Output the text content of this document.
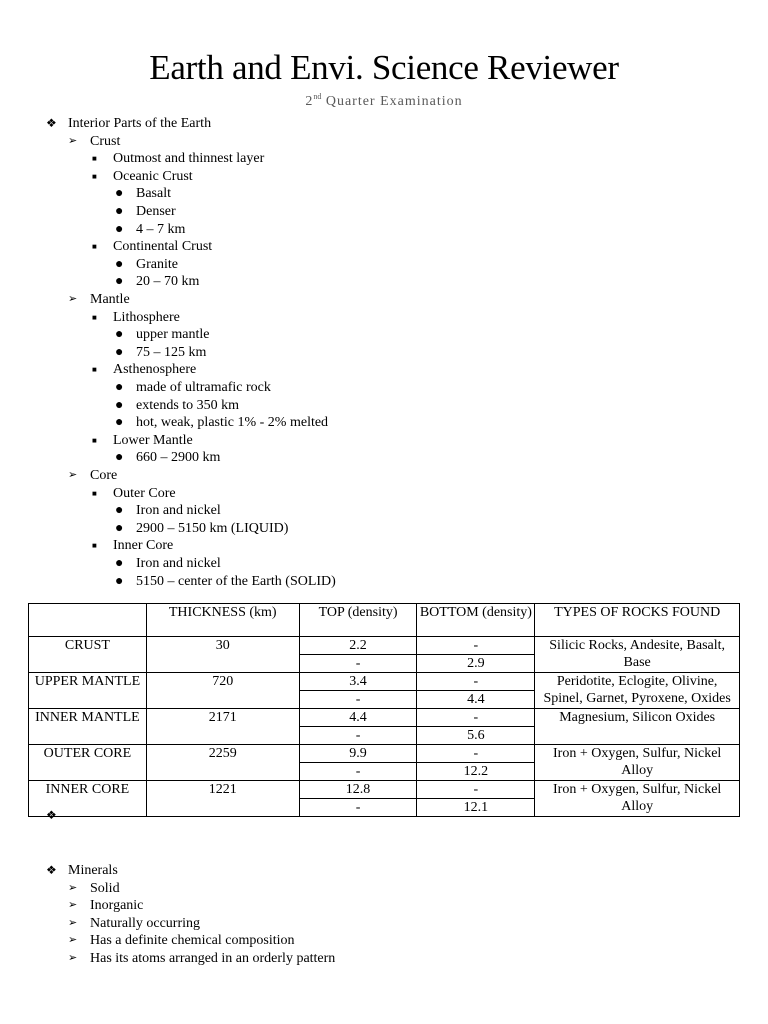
Earth and Envi. Science Reviewer
2nd Quarter Examination
❖ Interior Parts of the Earth
➢ Crust
■ Outmost and thinnest layer
■ Oceanic Crust
● Basalt
● Denser
● 4 – 7 km
■ Continental Crust
● Granite
● 20 – 70 km
➢ Mantle
■ Lithosphere
● upper mantle
● 75 – 125 km
■ Asthenosphere
● made of ultramafic rock
● extends to 350 km
● hot, weak, plastic 1% - 2% melted
■ Lower Mantle
● 660 – 2900 km
➢ Core
■ Outer Core
● Iron and nickel
● 2900 – 5150 km (LIQUID)
■ Inner Core
● Iron and nickel
● 5150 – center of the Earth (SOLID)
	THICKNESS (km)	TOP (density)	BOTTOM (density)	TYPES OF ROCKS FOUND
CRUST	30	2.2	-	Silicic Rocks, Andesite, Basalt, Base
		-	2.9	
UPPER MANTLE	720	3.4	-	Peridotite, Eclogite, Olivine, Spinel, Garnet, Pyroxene, Oxides
		-	4.4	
INNER MANTLE	2171	4.4	-	Magnesium, Silicon Oxides
		-	5.6	
OUTER CORE	2259	9.9	-	Iron + Oxygen, Sulfur, Nickel Alloy
		-	12.2	
INNER CORE	1221	12.8	-	Iron + Oxygen, Sulfur, Nickel Alloy
		-	12.1	
❖
❖ Minerals
➢ Solid
➢ Inorganic
➢ Naturally occurring
➢ Has a definite chemical composition
➢ Has its atoms arranged in an orderly pattern
